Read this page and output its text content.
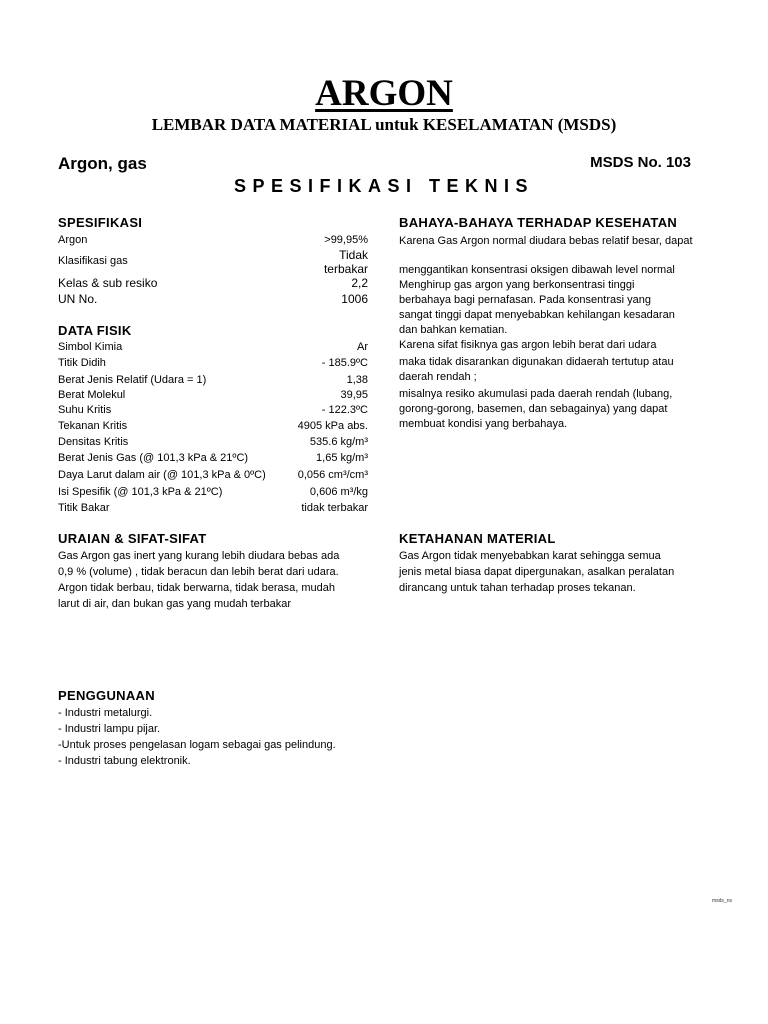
ARGON
LEMBAR DATA MATERIAL untuk KESELAMATAN (MSDS)
Argon, gas	MSDS No. 103
SPESIFIKASI TEKNIS
SPESIFIKASI
Argon	>99,95%
Klasifikasi gas	Tidak
terbakar
Kelas & sub resiko	2,2
UN No.	1006
DATA FISIK
Simbol Kimia	Ar
Titik Didih	- 185.9ºC
Berat Jenis Relatif (Udara = 1)	1,38
Berat Molekul	39,95
Suhu Kritis	- 122.3ºC
Tekanan Kritis	4905 kPa abs.
Densitas Kritis	535.6 kg/m³
Berat Jenis Gas (@ 101,3 kPa & 21ºC)	1,65 kg/m³
Daya Larut dalam air (@ 101,3 kPa & 0ºC)	0,056 cm³/cm³
Isi Spesifik (@ 101,3 kPa & 21ºC)	0,606 m³/kg
Titik Bakar	tidak terbakar
BAHAYA-BAHAYA TERHADAP KESEHATAN
Karena Gas Argon normal diudara bebas relatif besar, dapat
menggantikan konsentrasi oksigen dibawah level normal
Menghirup gas argon yang berkonsentrasi tinggi
berbahaya bagi pernafasan. Pada konsentrasi yang
sangat tinggi dapat menyebabkan kehilangan kesadaran
dan bahkan kematian.
Karena sifat fisiknya gas argon lebih berat dari udara
maka tidak disarankan digunakan didaerah tertutup atau
daerah rendah ;
misalnya resiko akumulasi pada daerah rendah (lubang,
gorong-gorong, basemen, dan sebagainya) yang dapat
membuat kondisi yang berbahaya.
URAIAN & SIFAT-SIFAT
Gas Argon gas inert yang kurang lebih diudara bebas ada
0,9 % (volume) , tidak beracun dan lebih berat dari udara.
Argon tidak berbau, tidak berwarna, tidak berasa, mudah
larut di air, dan bukan gas yang mudah terbakar
KETAHANAN MATERIAL
Gas Argon tidak menyebabkan karat sehingga semua
jenis metal biasa dapat dipergunakan, asalkan peralatan
dirancang untuk tahan terhadap proses tekanan.
PENGGUNAAN
- Industri metalurgi.
- Industri lampu pijar.
-Untuk proses pengelasan logam sebagai gas pelindung.
- Industri tabung elektronik.
msds_ns
